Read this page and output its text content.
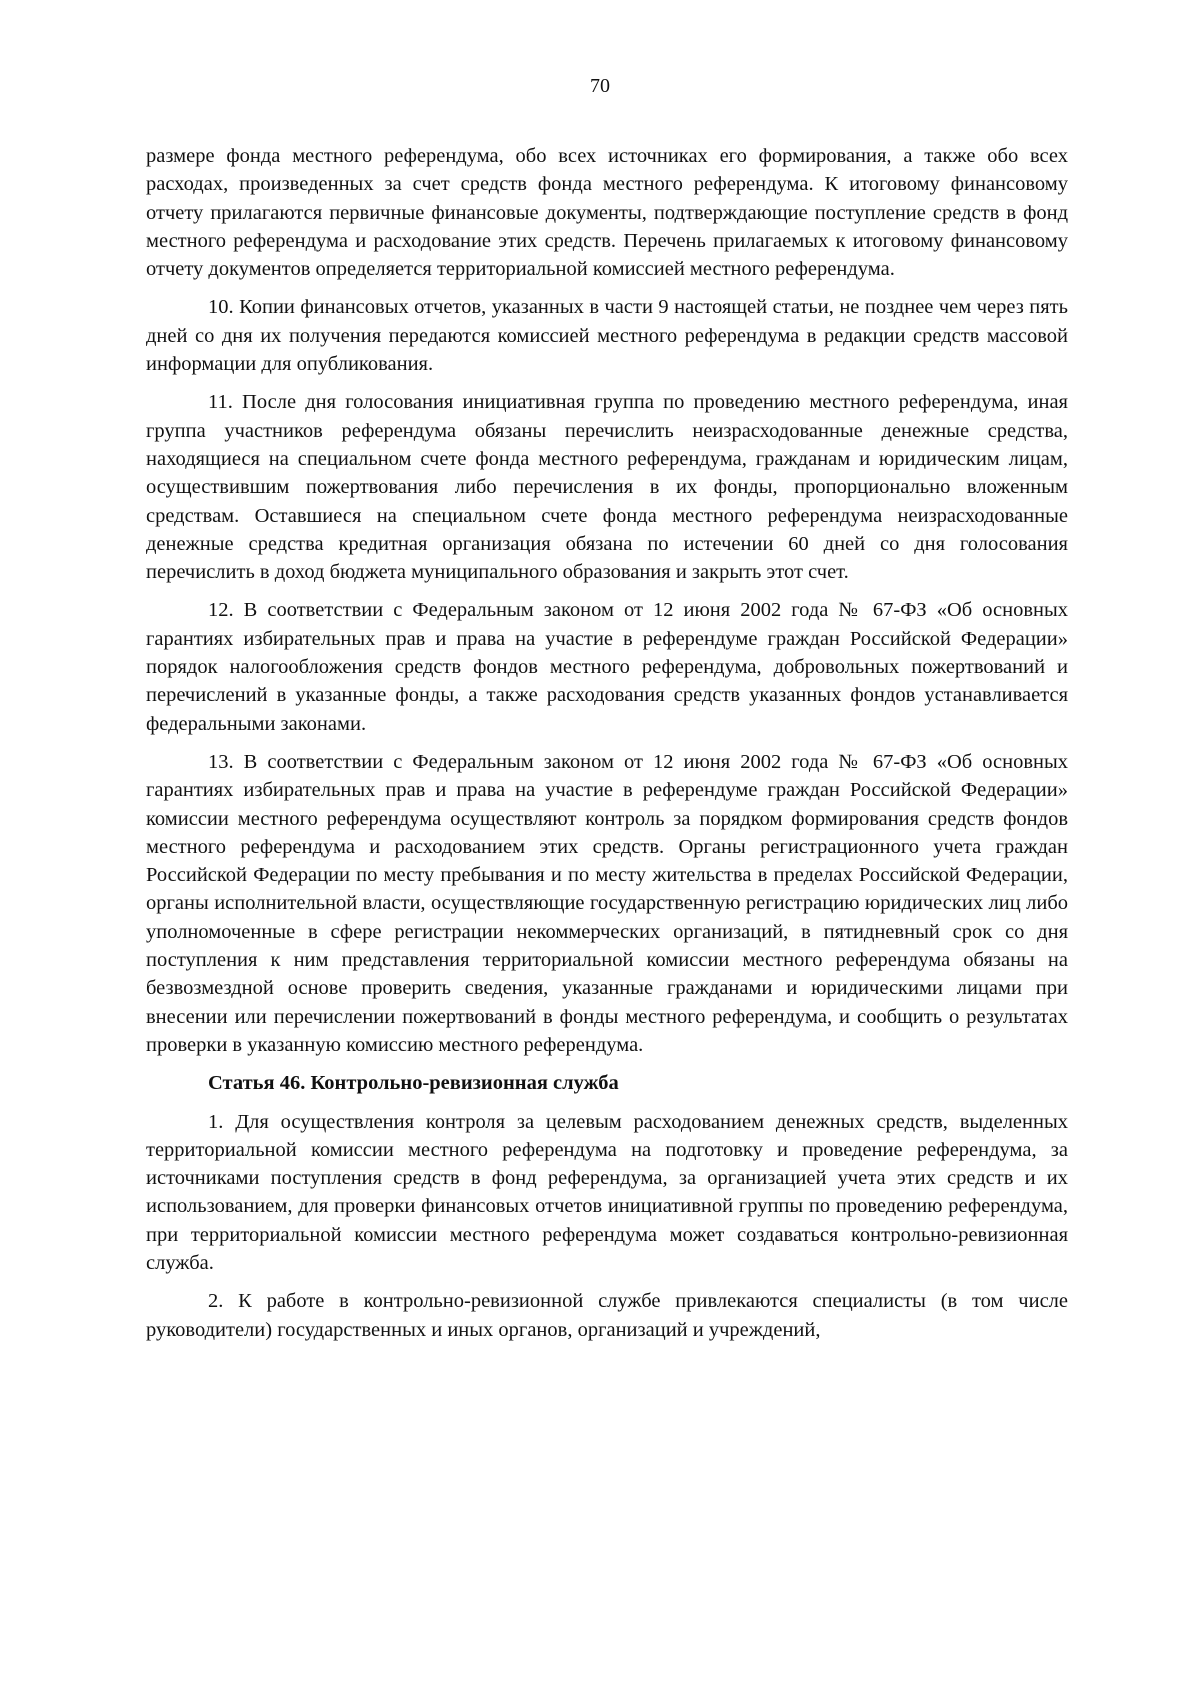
70

размере фонда местного референдума, обо всех источниках его формирования, а также обо всех расходах, произведенных за счет средств фонда местного референдума. К итоговому финансовому отчету прилагаются первичные финансовые документы, подтверждающие поступление средств в фонд местного референдума и расходование этих средств. Перечень прилагаемых к итоговому финансовому отчету документов определяется территориальной комиссией местного референдума.

10. Копии финансовых отчетов, указанных в части 9 настоящей статьи, не позднее чем через пять дней со дня их получения передаются комиссией местного референдума в редакции средств массовой информации для опубликования.

11. После дня голосования инициативная группа по проведению местного референдума, иная группа участников референдума обязаны перечислить неизрасходованные денежные средства, находящиеся на специальном счете фонда местного референдума, гражданам и юридическим лицам, осуществившим пожертвования либо перечисления в их фонды, пропорционально вложенным средствам. Оставшиеся на специальном счете фонда местного референдума неизрасходованные денежные средства кредитная организация обязана по истечении 60 дней со дня голосования перечислить в доход бюджета муниципального образования и закрыть этот счет.

12. В соответствии с Федеральным законом от 12 июня 2002 года № 67-ФЗ «Об основных гарантиях избирательных прав и права на участие в референдуме граждан Российской Федерации» порядок налогообложения средств фондов местного референдума, добровольных пожертвований и перечислений в указанные фонды, а также расходования средств указанных фондов устанавливается федеральными законами.

13. В соответствии с Федеральным законом от 12 июня 2002 года № 67-ФЗ «Об основных гарантиях избирательных прав и права на участие в референдуме граждан Российской Федерации» комиссии местного референдума осуществляют контроль за порядком формирования средств фондов местного референдума и расходованием этих средств. Органы регистрационного учета граждан Российской Федерации по месту пребывания и по месту жительства в пределах Российской Федерации, органы исполнительной власти, осуществляющие государственную регистрацию юридических лиц либо уполномоченные в сфере регистрации некоммерческих организаций, в пятидневный срок со дня поступления к ним представления территориальной комиссии местного референдума обязаны на безвозмездной основе проверить сведения, указанные гражданами и юридическими лицами при внесении или перечислении пожертвований в фонды местного референдума, и сообщить о результатах проверки в указанную комиссию местного референдума.

Статья 46. Контрольно-ревизионная служба

1. Для осуществления контроля за целевым расходованием денежных средств, выделенных территориальной комиссии местного референдума на подготовку и проведение референдума, за источниками поступления средств в фонд референдума, за организацией учета этих средств и их использованием, для проверки финансовых отчетов инициативной группы по проведению референдума, при территориальной комиссии местного референдума может создаваться контрольно-ревизионная служба.

2. К работе в контрольно-ревизионной службе привлекаются специалисты (в том числе руководители) государственных и иных органов, организаций и учреждений,
